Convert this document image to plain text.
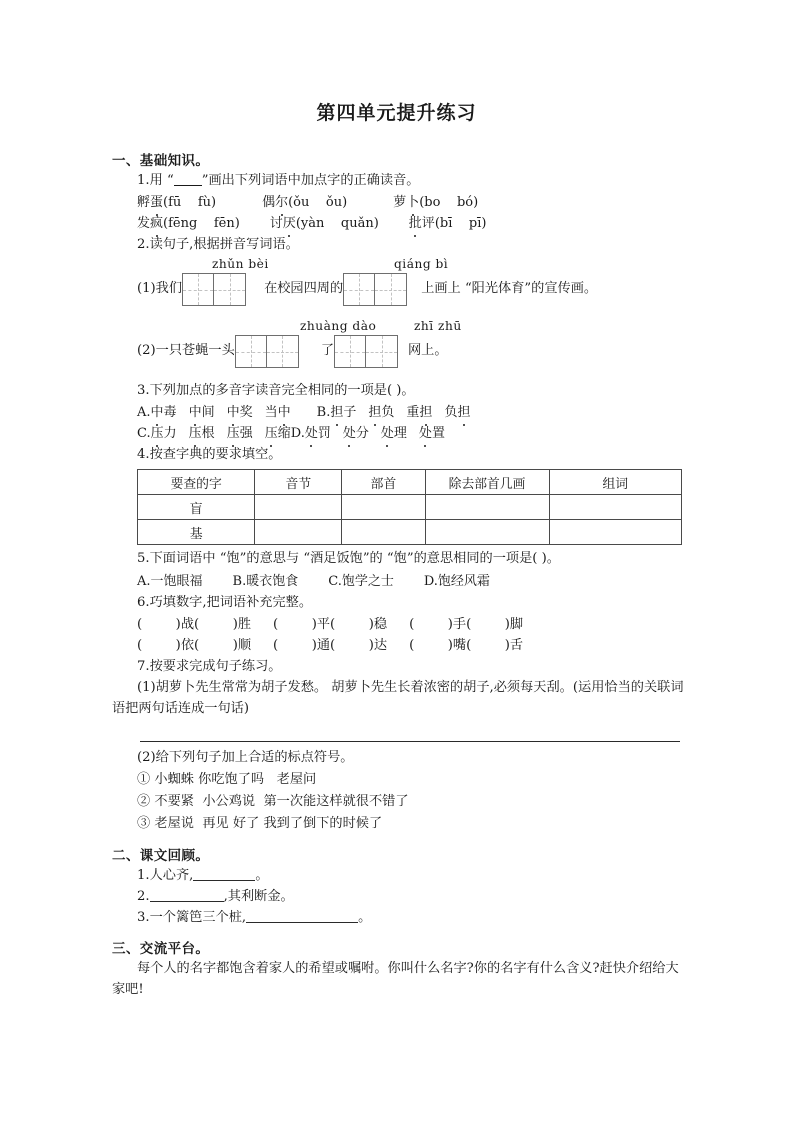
第四单元提升练习
一、基础知识。
1.用 “ ”画出下列词语中加点字的正确读音。
孵蛋(fū    fù)	偶尔(ǒu    ǒu)	萝卜(bo    bó)
发疯(fēng    fēn) 讨厌(yàn    quǎn) 批评(bī    pī)
2.读句子,根据拼音写词语。
zhǔn bèi	qiáng bì
(1)我们	在校园四周的	上画上 “阳光体育”的宣传画。
zhuàng dào	zhī zhū
(2)一只苍蝇一头	了	网上。
3.下列加点的多音字读音完全相同的一项是( )。
A.中毒 中间 中奖 当中 B.担子 担负 重担 负担
C.压力 压根 压强 压缩D.处罚 处分 处理 处置
4.按查字典的要求填空。
要查的字	音节	部首	除去部首几画	组词
盲				
基				
5.下面词语中 “饱”的意思与 “酒足饭饱”的 “饱”的意思相同的一项是( )。
A.一饱眼福 B.暖衣饱食 C.饱学之士 D.饱经风霜
6.巧填数字,把词语补充完整。
(        )战(        )胜 (        )平(        )稳 (        )手(        )脚
(        )依(        )顺 (        )通(        )达 (        )嘴(        )舌
7.按要求完成句子练习。
(1)胡萝卜先生常常为胡子发愁。 胡萝卜先生长着浓密的胡子,必须每天刮。(运用恰当的关联词语把两句话连成一句话)
(2)给下列句子加上合适的标点符号。
① 小蜘蛛 你吃饱了吗   老屋问
② 不要紧  小公鸡说  第一次能这样就很不错了
③ 老屋说  再见 好了 我到了倒下的时候了
二、课文回顾。
1.人心齐,	。
2.	,其利断金。
3.一个篱笆三个桩,	。
三、交流平台。
每个人的名字都饱含着家人的希望或嘱咐。你叫什么名字?你的名字有什么含义?赶快介绍给大家吧!
